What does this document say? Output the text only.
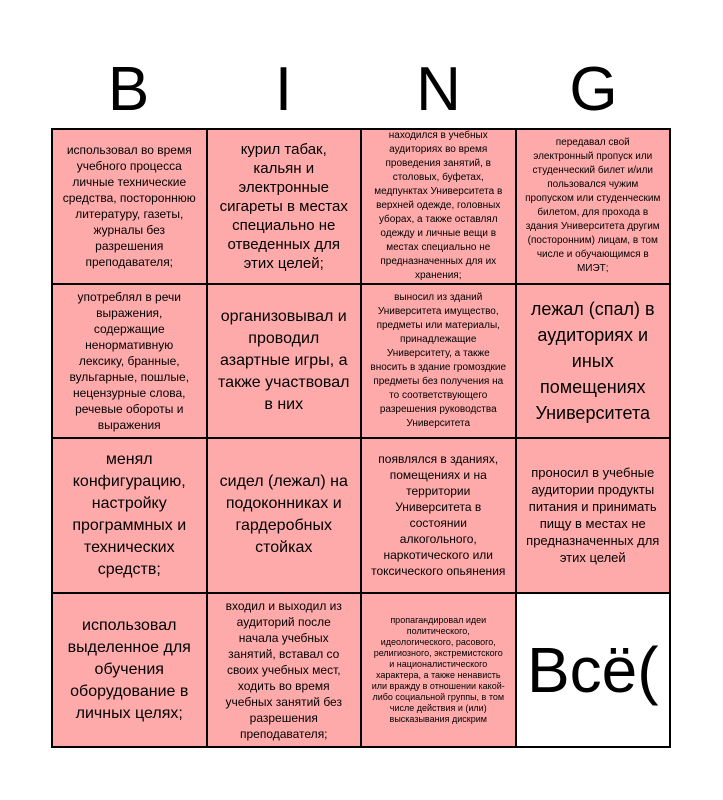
B	I	N	G
использовал во время учебного процесса личные технические средства, постороннюю литературу, газеты, журналы без разрешения преподавателя;
курил табак, кальян и электронные сигареты в местах специально не отведенных для этих целей;
находился в учебных аудиториях во время проведения занятий, в столовых, буфетах, медпунктах Университета в верхней одежде, головных уборах, а также оставлял одежду и личные вещи в местах специально не предназначенных для их хранения;
передавал свой электронный пропуск или студенческий билет и/или пользовался чужим пропуском или студенческим билетом, для прохода в здания Университета другим (посторонним) лицам, в том числе и обучающимся в МИЭТ;
употреблял в речи выражения, содержащие ненормативную лексику, бранные, вульгарные, пошлые, нецензурные слова, речевые обороты и выражения
организовывал и проводил азартные игры, а также участвовал в них
выносил из зданий Университета имущество, предметы или материалы, принадлежащие Университету, а также вносить в здание громоздкие предметы без получения на то соответствующего разрешения руководства Университета
лежал (спал) в аудиториях и иных помещениях Университета
менял конфигурацию, настройку программных и технических средств;
сидел (лежал) на подоконниках и гардеробных стойках
появлялся в зданиях, помещениях и на территории Университета в состоянии алкогольного, наркотического или токсического опьянения
проносил в учебные аудитории продукты питания и принимать пищу в местах не предназначенных для этих целей
использовал выделенное для обучения оборудование в личных целях;
входил и выходил из аудиторий после начала учебных занятий, вставал со своих учебных мест, ходить во время учебных занятий без разрешения преподавателя;
пропагандировал идеи политического, идеологического, расового, религиозного, экстремистского и националистического характера, а также ненависть или вражду в отношении какой-либо социальной группы, в том числе действия и (или) высказывания дискрим
Всё(
